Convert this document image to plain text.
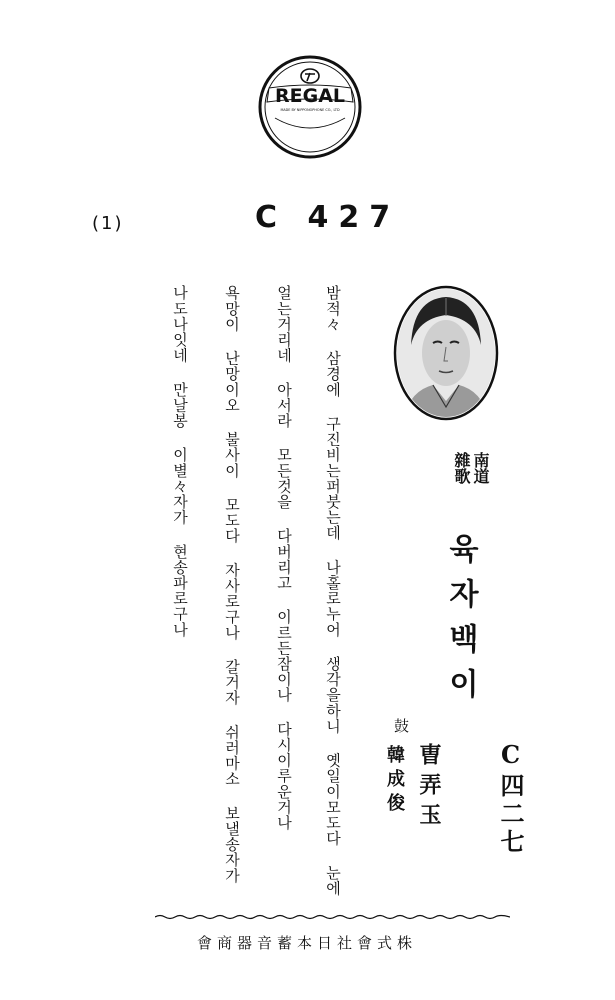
REGAL
MADE BY NIPPONOPHONE CO., LTD
(1)	C 427
밤적々 삼경에 구진비는퍼붓는데 나홀로누어 생각을하니 옛일이모도다 눈에
얼는거리네 아서라 모든것을 다버리고 이르든잠이나 다시이루운거나
욕망이 난망이오 불사이 모도다 자사로구나 갈거자 쉬러마소 보낼송자가
나도나잇네 만날봉 이별々자가 현송파로구나	南道
雜歌
육자백이
曺弄玉
鼓
韓成俊	C四二七
株式會社日本蓄音器商會
